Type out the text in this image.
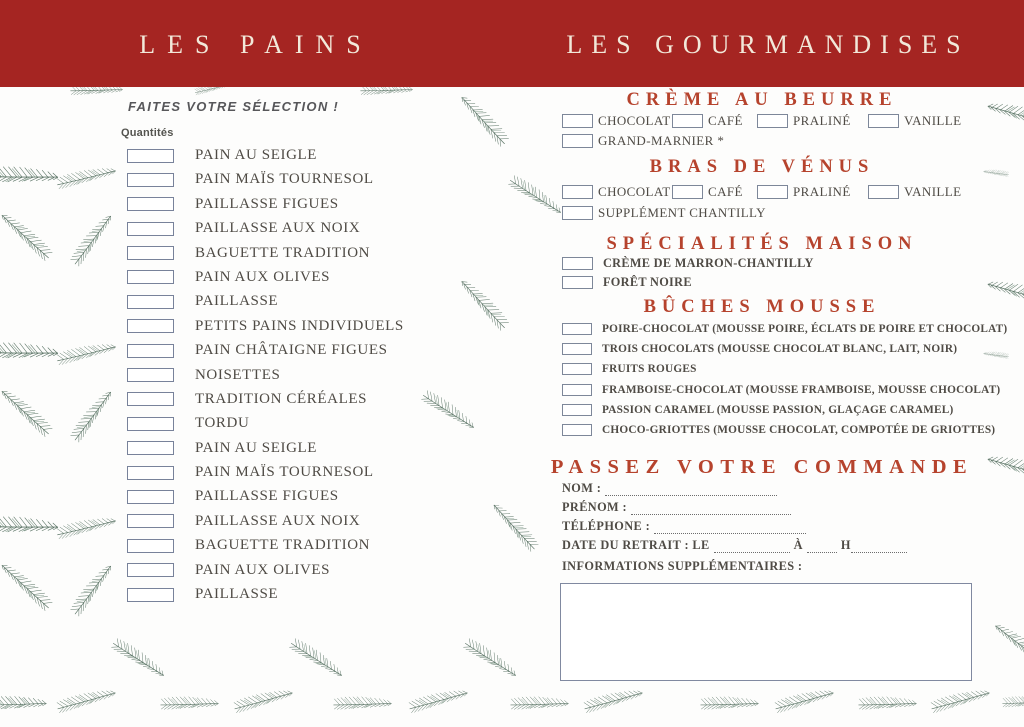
LES PAINS	LES GOURMANDISES
FAITES VOTRE SÉLECTION !
Quantités
PAIN AU SEIGLE
PAIN MAÏS TOURNESOL
PAILLASSE FIGUES
PAILLASSE AUX NOIX
BAGUETTE TRADITION
PAIN AUX OLIVES
PAILLASSE
PETITS PAINS INDIVIDUELS
PAIN CHÂTAIGNE FIGUES
NOISETTES
TRADITION CÉRÉALES
TORDU
PAIN AU SEIGLE
PAIN MAÏS TOURNESOL
PAILLASSE FIGUES
PAILLASSE AUX NOIX
BAGUETTE TRADITION
PAIN AUX OLIVES
PAILLASSE
CRÈME AU BEURRE
CHOCOLAT	CAFÉ	PRALINÉ	VANILLE
GRAND-MARNIER *
BRAS DE VÉNUS
CHOCOLAT	CAFÉ	PRALINÉ	VANILLE
SUPPLÉMENT CHANTILLY
SPÉCIALITÉS MAISON
CRÈME DE MARRON-CHANTILLY
FORÊT NOIRE
BÛCHES MOUSSE
POIRE-CHOCOLAT (MOUSSE POIRE, ÉCLATS DE POIRE ET CHOCOLAT)
TROIS CHOCOLATS (MOUSSE CHOCOLAT BLANC, LAIT, NOIR)
FRUITS ROUGES
FRAMBOISE-CHOCOLAT (MOUSSE FRAMBOISE, MOUSSE CHOCOLAT)
PASSION CARAMEL (MOUSSE PASSION, GLAÇAGE CARAMEL)
CHOCO-GRIOTTES (MOUSSE CHOCOLAT, COMPOTÉE DE GRIOTTES)
PASSEZ VOTRE COMMANDE
NOM :
PRÉNOM :
TÉLÉPHONE :
DATE DU RETRAIT : LE	À	H
INFORMATIONS SUPPLÉMENTAIRES :
